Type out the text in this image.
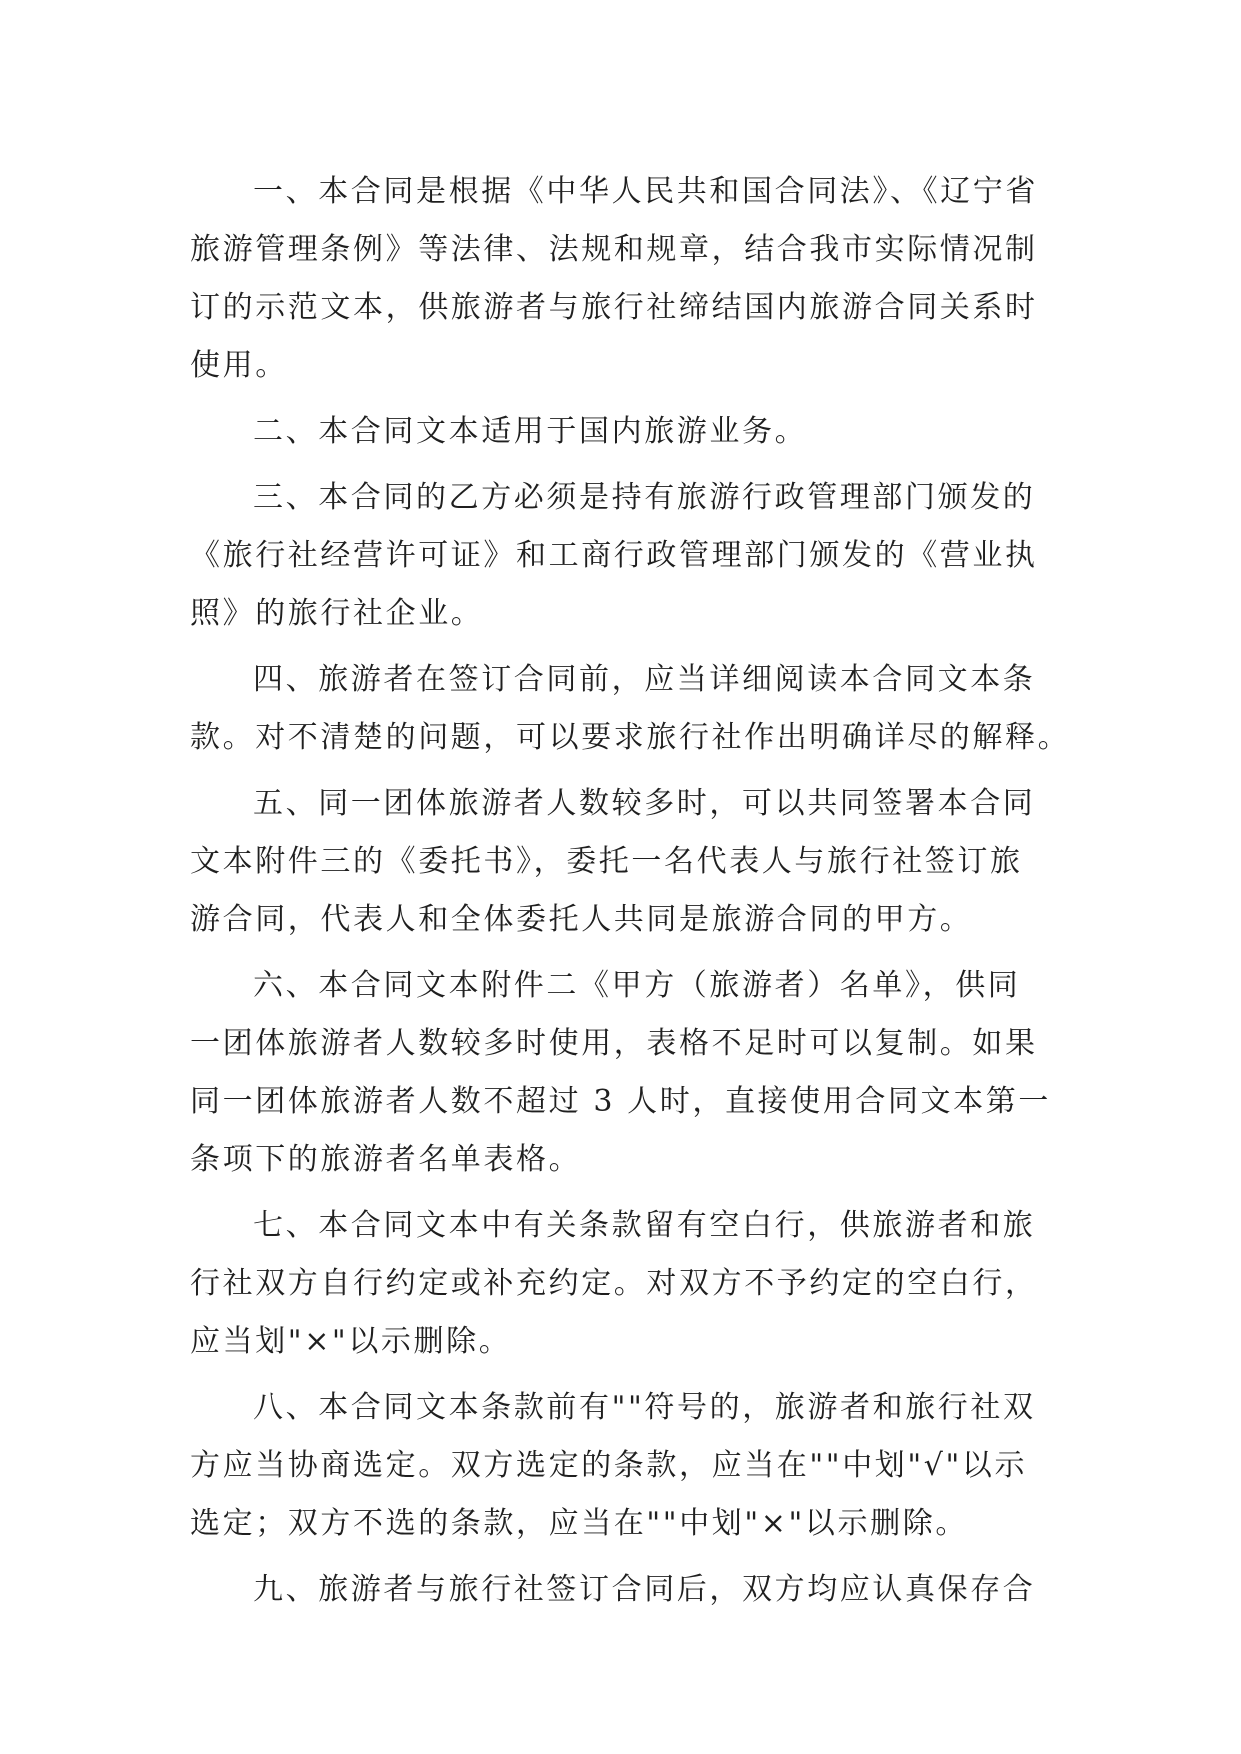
一、本合同是根据《中华人民共和国合同法》、《辽宁省
旅游管理条例》等法律、法规和规章，结合我市实际情况制
订的示范文本，供旅游者与旅行社缔结国内旅游合同关系时
使用。
二、本合同文本适用于国内旅游业务。
三、本合同的乙方必须是持有旅游行政管理部门颁发的
《旅行社经营许可证》和工商行政管理部门颁发的《营业执
照》的旅行社企业。
四、旅游者在签订合同前，应当详细阅读本合同文本条
款。对不清楚的问题，可以要求旅行社作出明确详尽的解释。
五、同一团体旅游者人数较多时，可以共同签署本合同
文本附件三的《委托书》，委托一名代表人与旅行社签订旅
游合同，代表人和全体委托人共同是旅游合同的甲方。
六、本合同文本附件二《甲方（旅游者）名单》，供同
一团体旅游者人数较多时使用，表格不足时可以复制。如果
同一团体旅游者人数不超过 3 人时，直接使用合同文本第一
条项下的旅游者名单表格。
七、本合同文本中有关条款留有空白行，供旅游者和旅
行社双方自行约定或补充约定。对双方不予约定的空白行，
应当划"×"以示删除。
八、本合同文本条款前有""符号的，旅游者和旅行社双
方应当协商选定。双方选定的条款，应当在""中划"√"以示
选定；双方不选的条款，应当在""中划"×"以示删除。
九、旅游者与旅行社签订合同后，双方均应认真保存合
